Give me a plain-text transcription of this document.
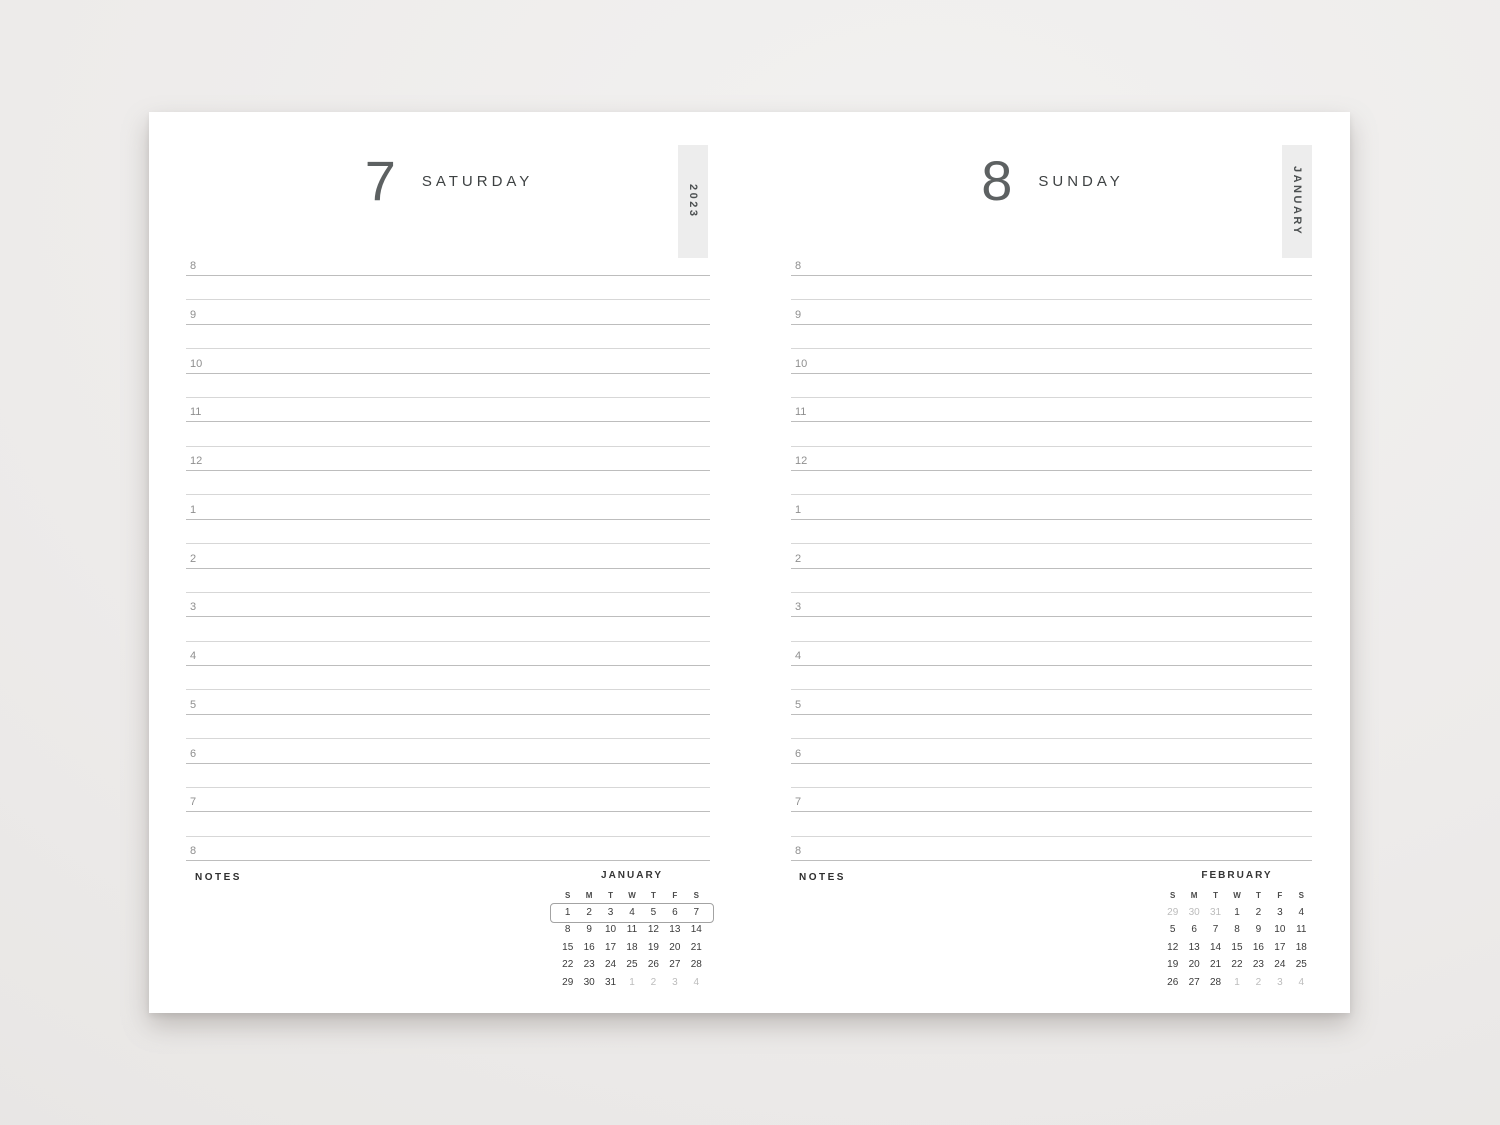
7 SATURDAY
2023
NOTES	JANUARY
S	M	T	W	T	F	S
1	2	3	4	5	6	7
8	9	10	11	12	13	14
15	16	17	18	19	20	21
22	23	24	25	26	27	28
29	30	31	1	2	3	4
8 SUNDAY	JANUARY
NOTES	FEBRUARY
S	M	T	W	T	F	S
29	30	31	1	2	3	4
5	6	7	8	9	10	11
12	13	14	15	16	17	18
19	20	21	22	23	24	25
26	27	28	1	2	3	4
8
9
10
11
12
1
2
3
4
5
6
7
8
8
9
10
11
12
1
2
3
4
5
6
7
8
